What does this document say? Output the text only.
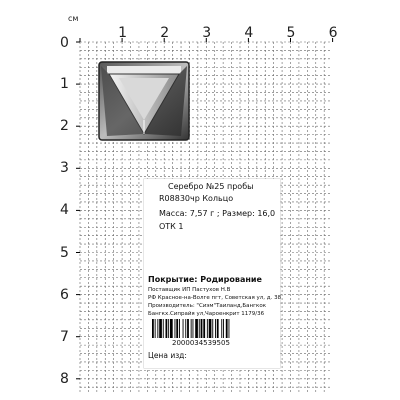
см
1 2 3 4 5 6
0
1
2
3
4
5
6
7
8
Серебро №25 пробы
R08830чр Кольцо
Масса: 7,57 г ; Размер: 16,0
ОТК 1
Покрытие: Родирование
Поставщик ИП Пастухов Н.В
РФ Красное-на-Волге пгт, Советская ул, д. 38
Производитель: "Сиэм"Таиланд,Бангкок
Бангкх.Сипрайя ул,Чароенкрит 1179/36
2000034539505
Цена изд:
